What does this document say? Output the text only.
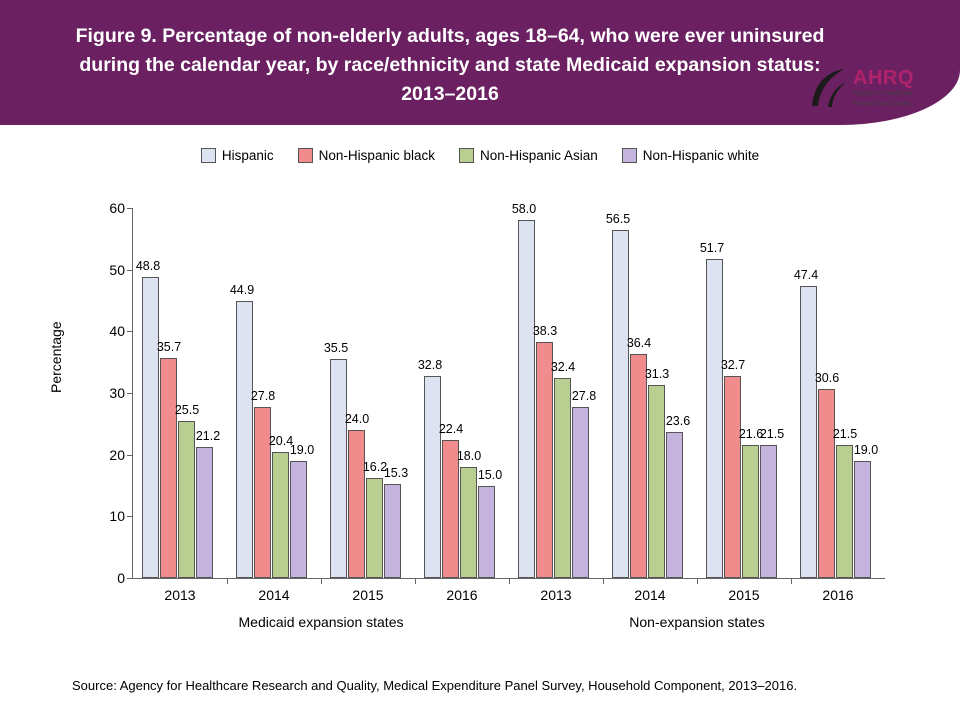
Figure 9. Percentage of non-elderly adults, ages 18–64, who were ever uninsured during the calendar year, by race/ethnicity and state Medicaid expansion status: 2013–2016
AHRQ
Agency for Healthcare
Research and Quality
Hispanic	Non-Hispanic black	Non-Hispanic Asian	Non-Hispanic white
Percentage
48.8
35.7
25.5
21.2
44.9
27.8
20.4
19.0
35.5
24.0
16.2
15.3
32.8
22.4
18.0
15.0
58.0
38.3
32.4
27.8
56.5
36.4
31.3
23.6
51.7
32.7
21.6
21.5
47.4
30.6
21.5
19.0
0
10
20
30
40
50
60
2013	2014	2015	2016	2013	2014	2015	2016
Medicaid expansion states	Non-expansion states
Source: Agency for Healthcare Research and Quality, Medical Expenditure Panel Survey, Household Component, 2013–2016.
